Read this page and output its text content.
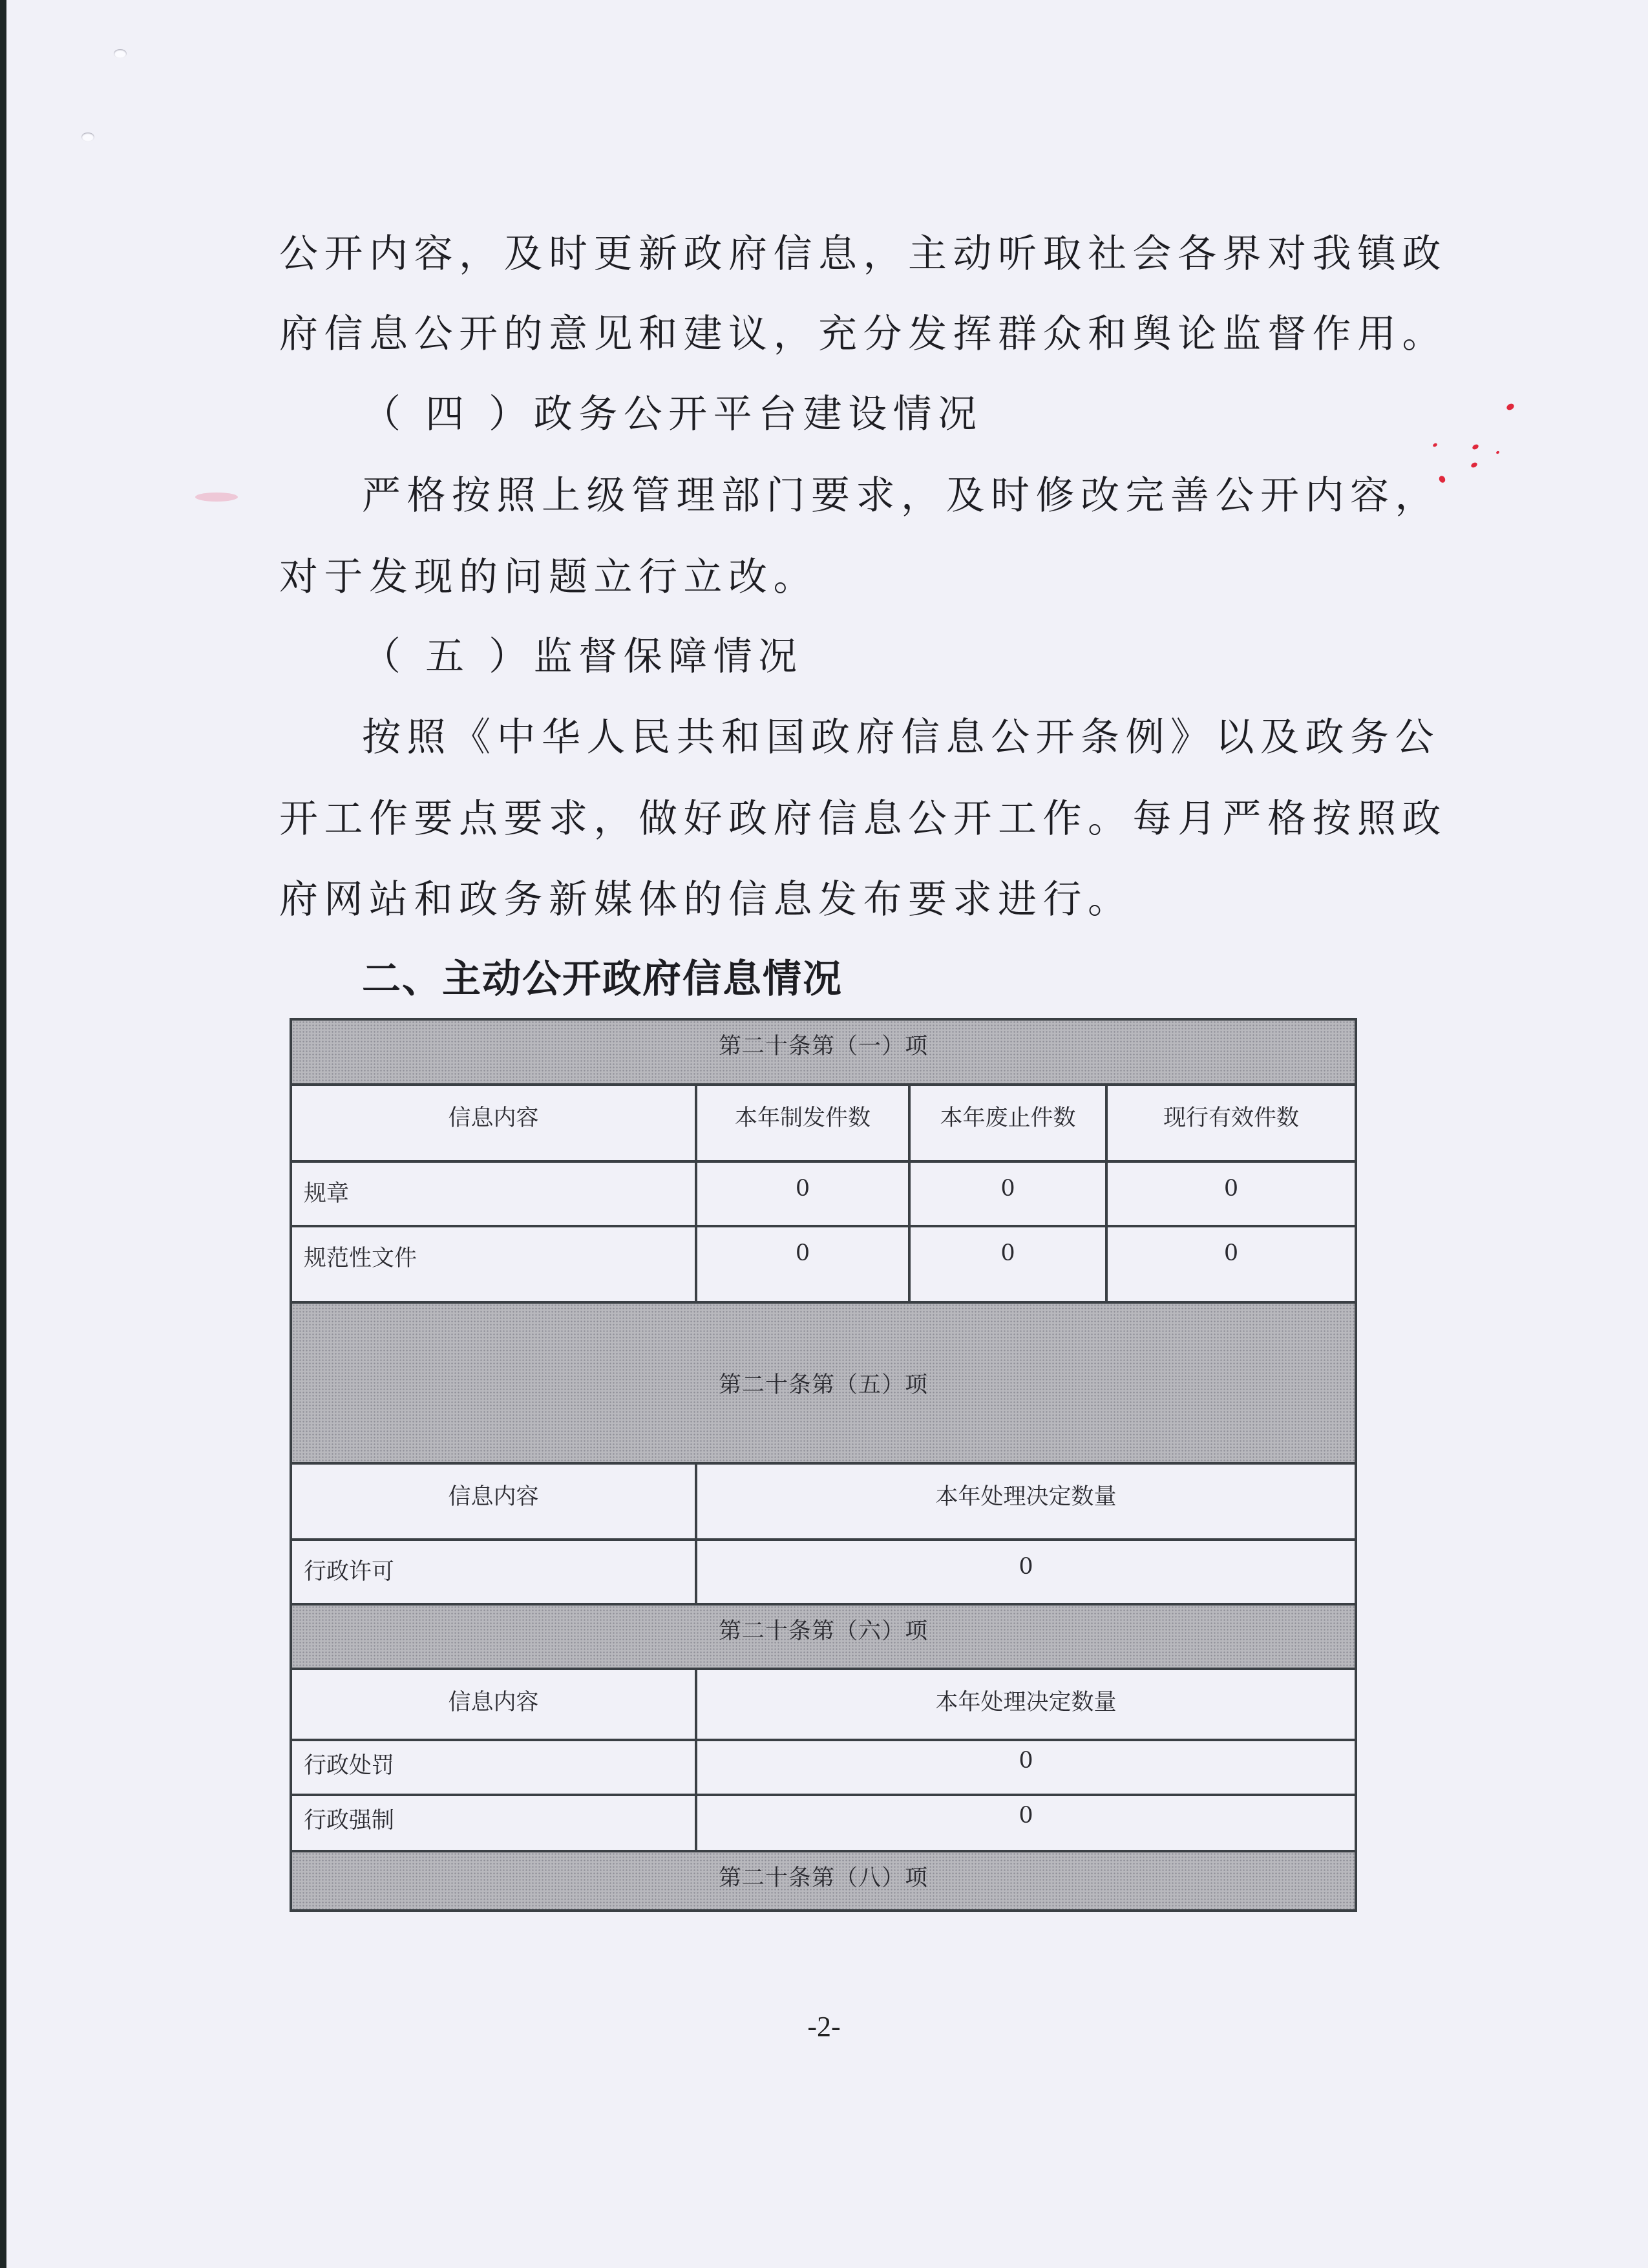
公开内容，及时更新政府信息，主动听取社会各界对我镇政
府信息公开的意见和建议，充分发挥群众和舆论监督作用。
（ 四 ）政务公开平台建设情况
严格按照上级管理部门要求，及时修改完善公开内容，
对于发现的问题立行立改。
（ 五 ）监督保障情况
按照《中华人民共和国政府信息公开条例》以及政务公
开工作要点要求，做好政府信息公开工作。每月严格按照政
府网站和政务新媒体的信息发布要求进行。
二、主动公开政府信息情况
第二十条第（一）项			
信息内容	本年制发件数	本年废止件数	现行有效件数
规章	0	0	0
规范性文件	0	0	0
第二十条第（五）项			
信息内容	本年处理决定数量		
行政许可	0		
第二十条第（六）项			
信息内容	本年处理决定数量		
行政处罚	0		
行政强制	0		
第二十条第（八）项			
-2-
